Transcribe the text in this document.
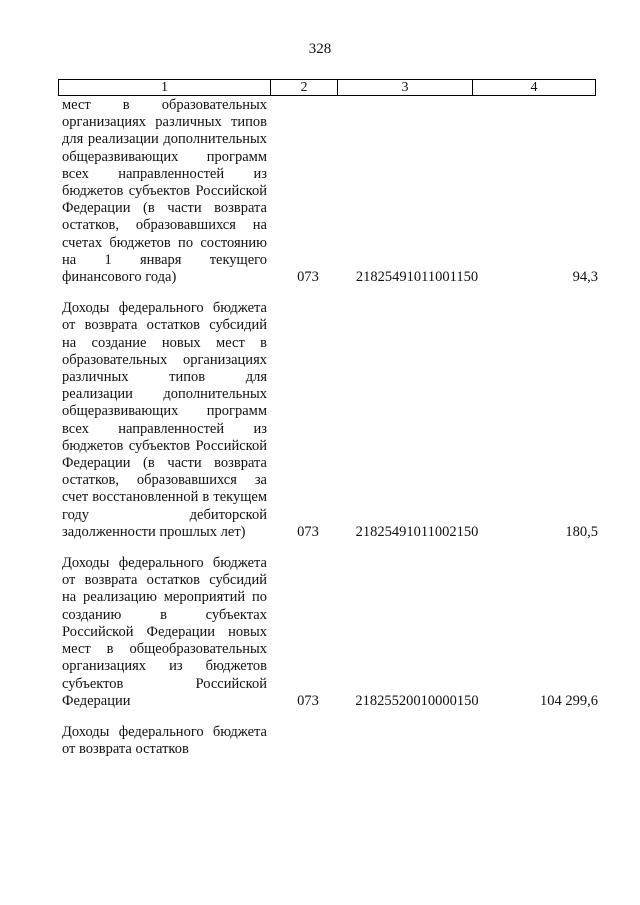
328
1	2	3	4
мест в образовательных организациях различных типов для реализации дополнительных общеразвивающих программ всех направленностей из бюджетов субъектов Российской Федерации (в части возврата остатков, образовавшихся на счетах бюджетов по состоянию на 1 января текущего финансового года)	073	21825491011001150	94,3
Доходы федерального бюджета от возврата остатков субсидий на создание новых мест в образовательных организациях различных типов для реализации дополнительных общеразвивающих программ всех направленностей из бюджетов субъектов Российской Федерации (в части возврата остатков, образовавшихся за счет восстановленной в текущем году дебиторской задолженности прошлых лет)	073	21825491011002150	180,5
Доходы федерального бюджета от возврата остатков субсидий на реализацию мероприятий по созданию в субъектах Российской Федерации новых мест в общеобразовательных организациях из бюджетов субъектов Российской Федерации	073	21825520010000150	104 299,6
Доходы федерального бюджета от возврата остатков
